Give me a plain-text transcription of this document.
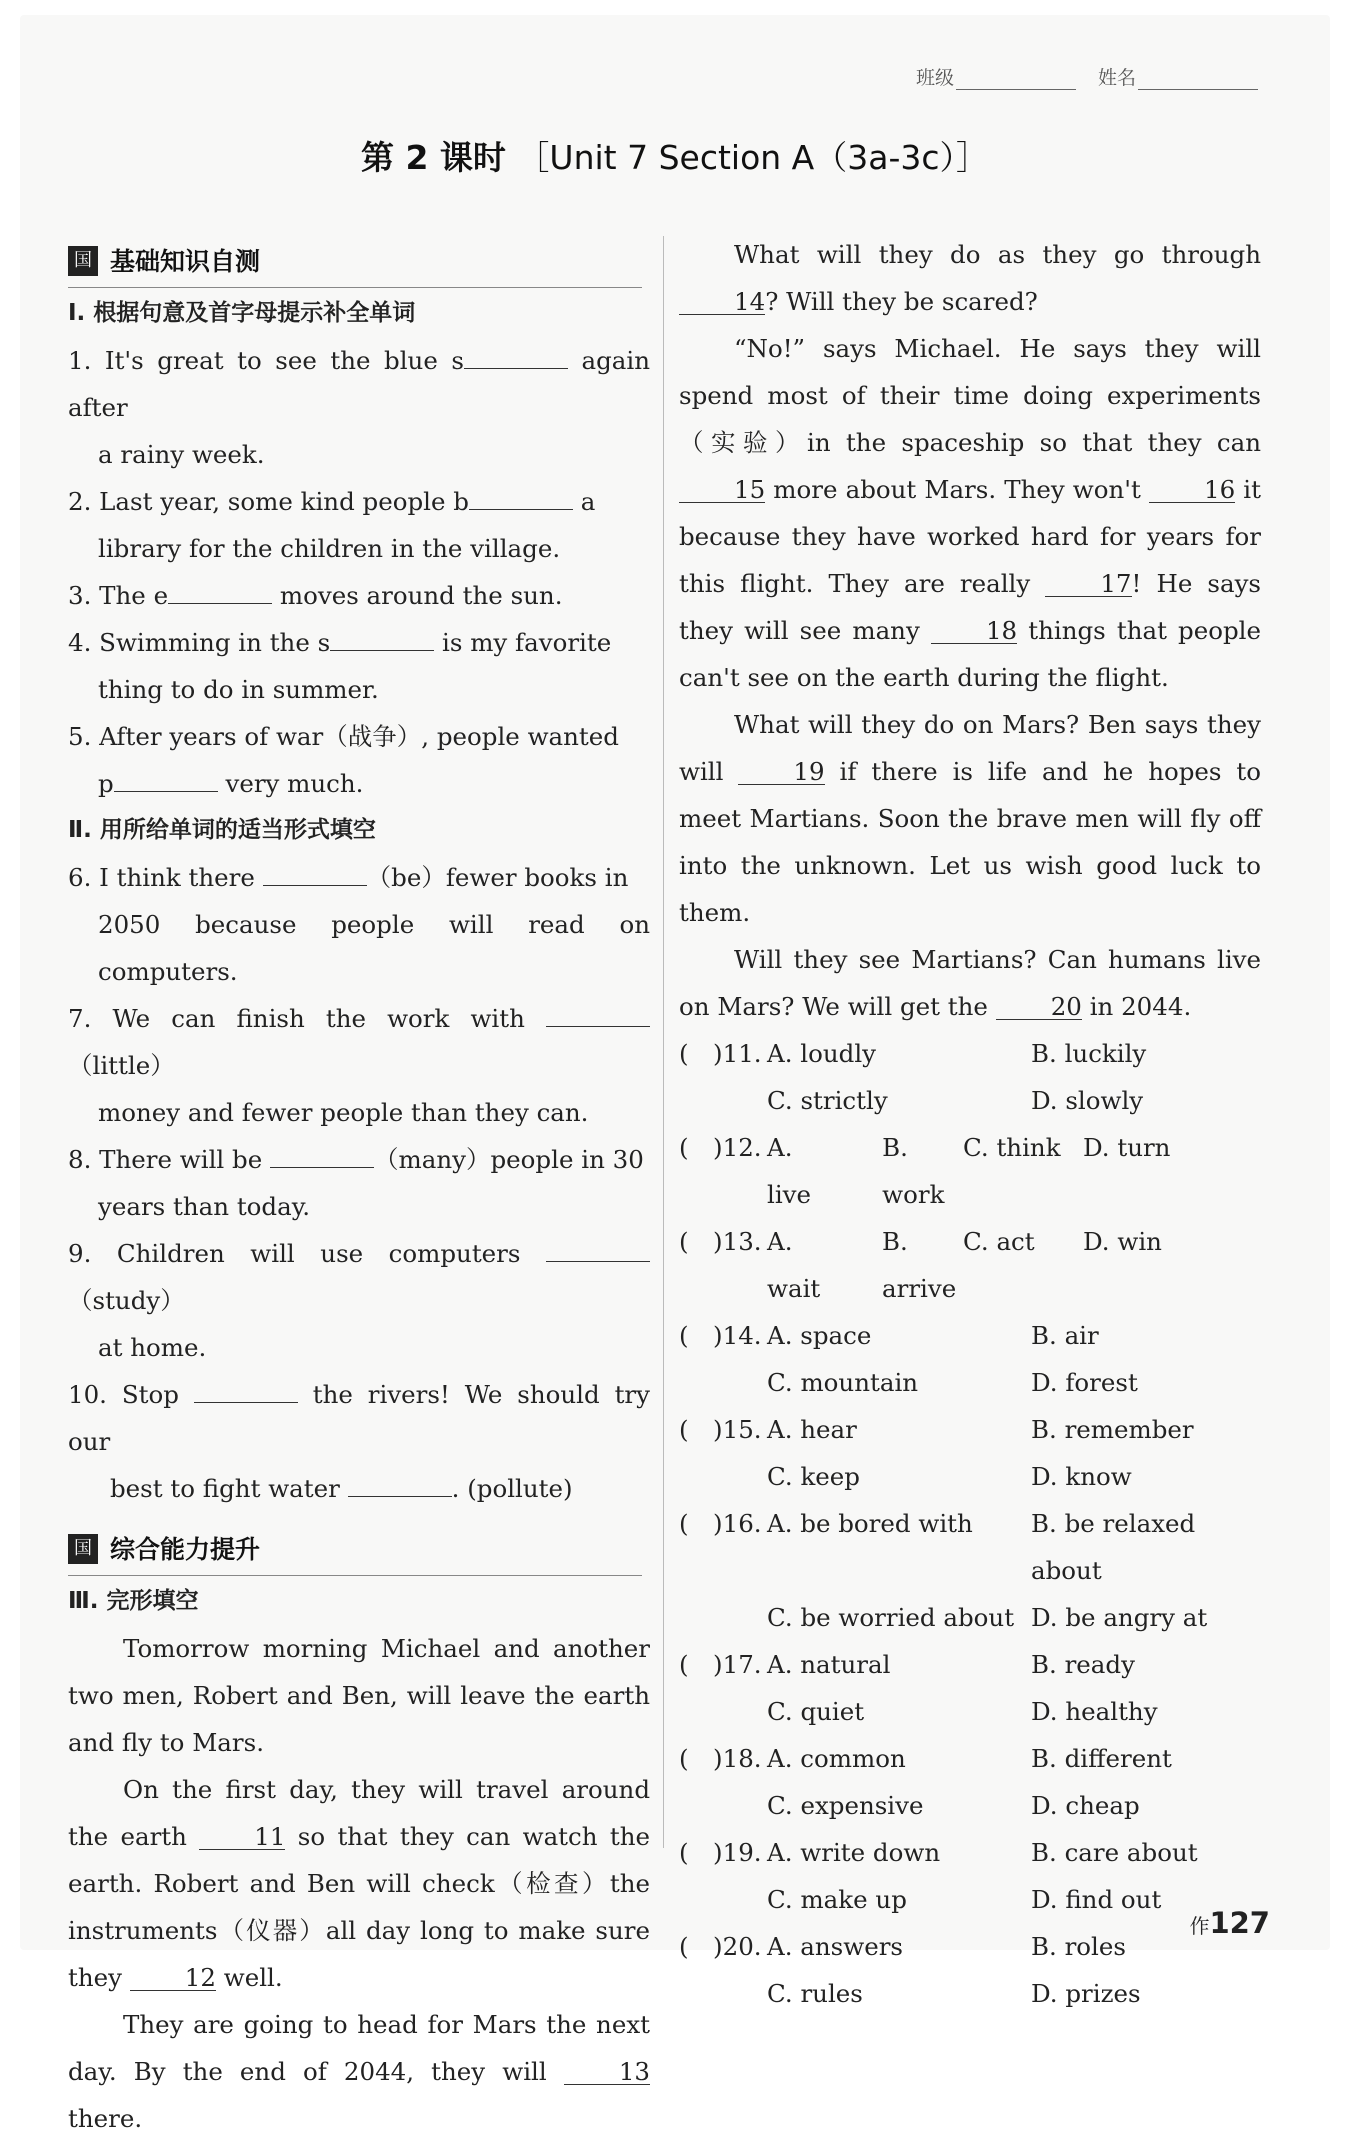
班级	姓名
第 2 课时 ［Unit 7 Section A（3a-3c）］
国 基础知识自测
Ⅰ. 根据句意及首字母提示补全单词
1. It's great to see the blue s	again after
a rainy week.
2. Last year, some kind people b	a
library for the children in the village.
3. The e	moves around the sun.
4. Swimming in the s	is my favorite
thing to do in summer.
5. After years of war（战争）, people wanted
p	very much.
Ⅱ. 用所给单词的适当形式填空
6. I think there	（be）fewer books in
2050 because people will read on computers.
7. We can finish the work with （little）
money and fewer people than they can.
8. There will be	（many）people in 30
years than today.
9. Children will use computers （study）
at home.
10. Stop	the rivers! We should try our
best to fight water	. (pollute)
国 综合能力提升
Ⅲ. 完形填空

Tomorrow morning Michael and another two men, Robert and Ben, will leave the earth and fly to Mars.

On the first day, they will travel around the earth	11 so that they can watch the earth. Robert and Ben will check（检查）the instruments（仪器）all day long to make sure they	12 well.

They are going to head for Mars the next day. By the end of 2044, they will	13 there.

What will they do as they go through 14? Will they be scared?

“No!” says Michael. He says they will spend most of their time doing experiments（实验）in the spaceship so that they can 15 more about Mars. They won't	16 it because they have worked hard for years for this flight. They are really	17! He says they will see many	18 things that people can't see on the earth during the flight.

What will they do on Mars? Ben says they will	19 if there is life and he hopes to meet Martians. Soon the brave men will fly off into the unknown. Let us wish good luck to them.

Will they see Martians? Can humans live on Mars? We will get the	20 in 2044.

(　)11. A. loudly	B. luckily
C. strictly	D. slowly
(　)12. A. live
B. work
C. think D. turn
(　)13. A. wait
B. arrive
C. act	D. win
(　)14. A. space	B. air
C. mountain	D. forest
(　)15. A. hear	B. remember
C. keep	D. know
(　)16. A. be bored with	B. be relaxed about
C. be worried about D. be angry at
(　)17. A. natural	B. ready
C. quiet	D. healthy
(　)18. A. common	B. different
C. expensive	D. cheap
(　)19. A. write down	B. care about
C. make up	D. find out
(　)20. A. answers	B. roles
C. rules	D. prizes
作127
